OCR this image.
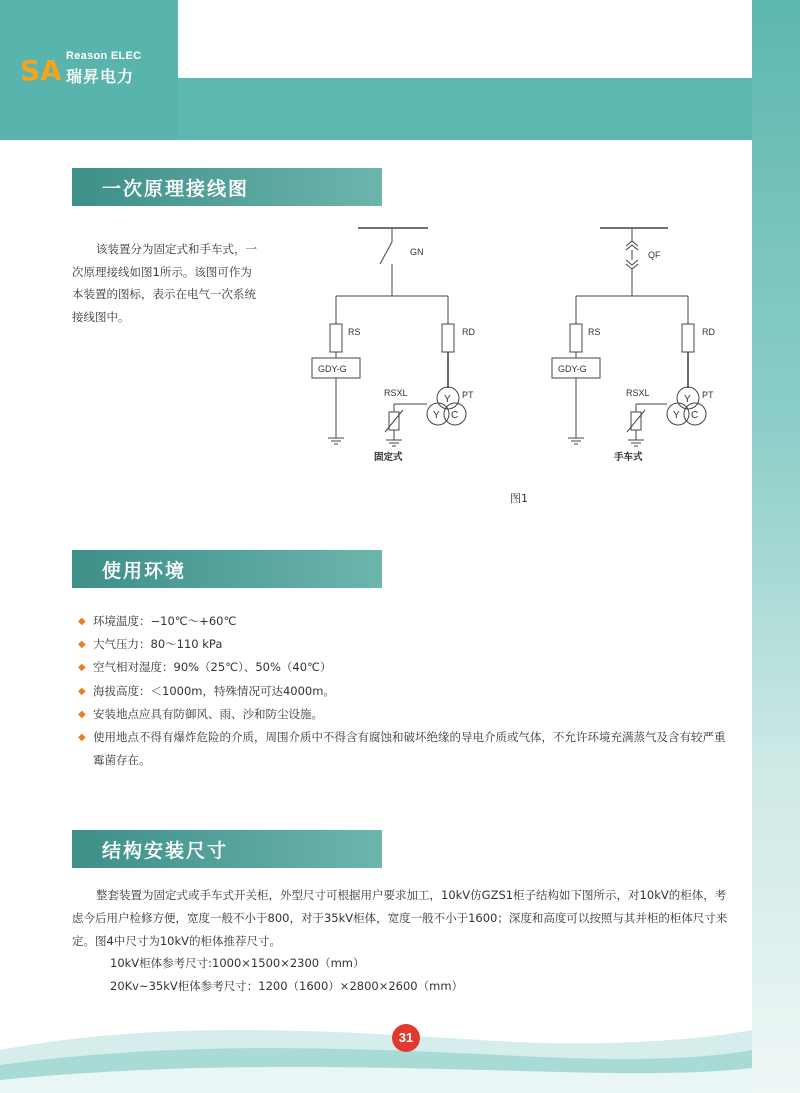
SA Reason ELEC
瑞昇电力
一次原理接线图
该装置分为固定式和手车式，一
次原理接线如图1所示。该图可作为
本装置的图标，表示在电气一次系统
接线图中。
GN
RS
GDY-G
RD
Y
Y C
PT
RSXL
固定式
QF
RS
GDY-G
RD
Y
Y C
PT
RSXL
手车式
图1
使用环境
◆ 环境温度：−10℃～+60℃
◆ 大气压力：80～110 kPa
◆ 空气相对湿度：90%（25℃）、50%（40℃）
◆ 海拔高度：＜1000m，特殊情况可达4000m。
◆ 安装地点应具有防御风、雨、沙和防尘设施。
◆ 使用地点不得有爆炸危险的介质，周围介质中不得含有腐蚀和破坏绝缘的导电介质或气体，不允许环境充满蒸气及含有较严重霉菌存在。
结构安装尺寸

整套装置为固定式或手车式开关柜，外型尺寸可根据用户要求加工，10kV仿GZS1柜子结构如下图所示，对10kV的柜体，考虑今后用户检修方便，宽度一般不小于800，对于35kV柜体，宽度一般不小于1600；深度和高度可以按照与其并柜的柜体尺寸来定。图4中尺寸为10kV的柜体推荐尺寸。

10kV柜体参考尺寸:1000×1500×2300（mm）
20Kv~35kV柜体参考尺寸：1200（1600）×2800×2600（mm）
31
